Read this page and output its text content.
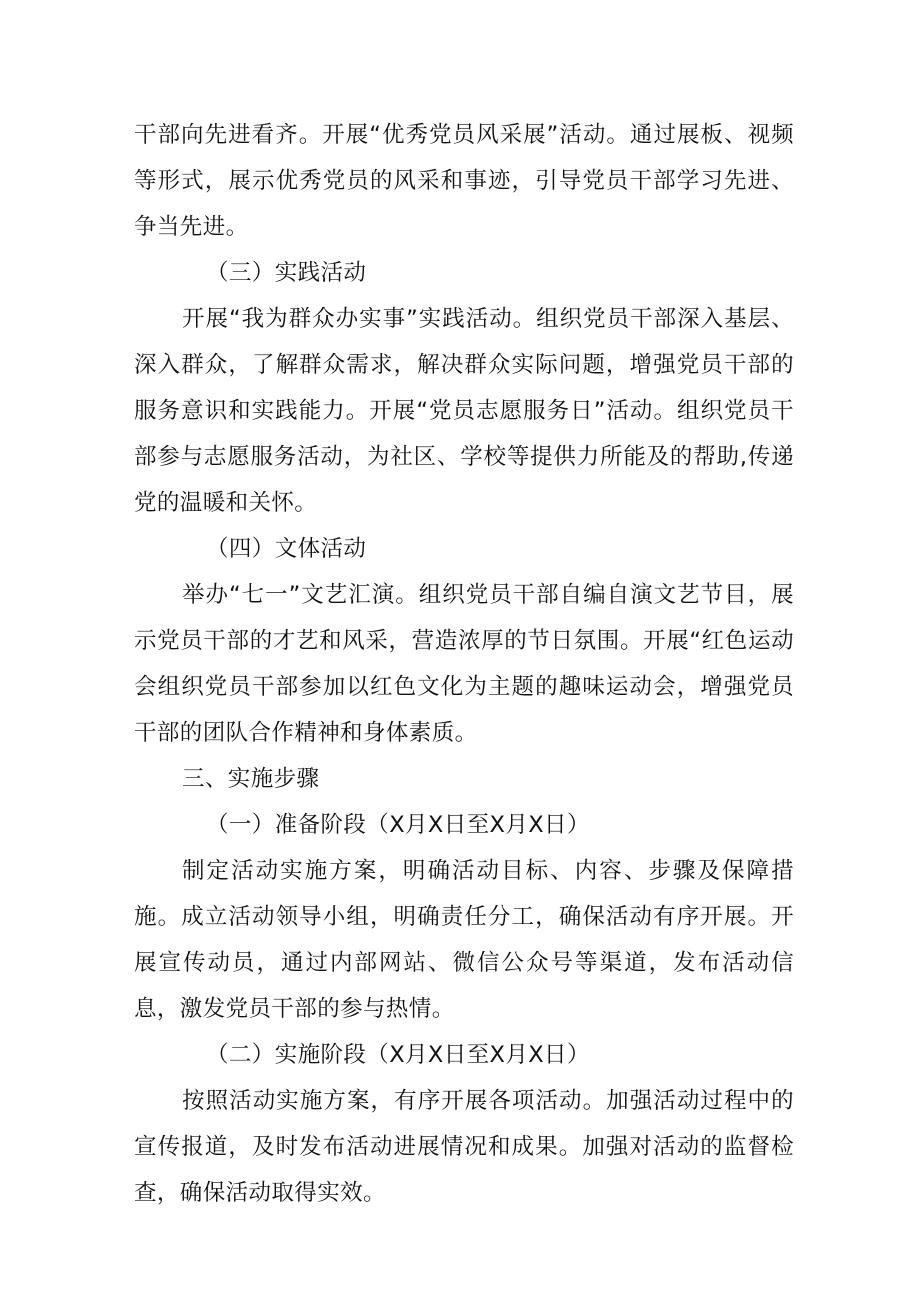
干部向先进看齐。开展“优秀党员风采展”活动。通过展板、视频等形式，展示优秀党员的风采和事迹，引导党员干部学习先进、争当先进。

（三）实践活动

开展“我为群众办实事”实践活动。组织党员干部深入基层、深入群众，了解群众需求，解决群众实际问题，增强党员干部的服务意识和实践能力。开展“党员志愿服务日”活动。组织党员干部参与志愿服务活动，为社区、学校等提供力所能及的帮助,传递党的温暖和关怀。

（四）文体活动

举办“七一”文艺汇演。组织党员干部自编自演文艺节目，展示党员干部的才艺和风采，营造浓厚的节日氛围。开展“红色运动会组织党员干部参加以红色文化为主题的趣味运动会，增强党员干部的团队合作精神和身体素质。

三、实施步骤

（一）准备阶段（X月X日至X月X日）

制定活动实施方案，明确活动目标、内容、步骤及保障措施。成立活动领导小组，明确责任分工，确保活动有序开展。开展宣传动员，通过内部网站、微信公众号等渠道，发布活动信息，激发党员干部的参与热情。

（二）实施阶段（X月X日至X月X日）

按照活动实施方案，有序开展各项活动。加强活动过程中的宣传报道，及时发布活动进展情况和成果。加强对活动的监督检查，确保活动取得实效。
